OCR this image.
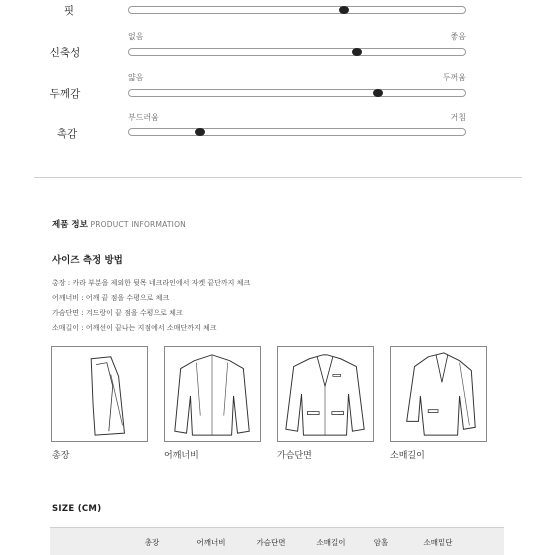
핏
없음	좋음
신축성
얇음	두꺼움
두께감
부드러움	거침
촉감
제품 정보 PRODUCT INFORMATION
사이즈 측정 방법
총장 : 카라 부분을 제외한 뒷목 네크라인에서 자켓 끝단까지 체크
어깨너비 : 어깨 끝 점을 수평으로 체크
가슴단면 : 겨드랑이 끝 점을 수평으로 체크
소매길이 : 어깨선이 끝나는 지점에서 소매단까지 체크
총장	어깨너비	가슴단면	소매길이
SIZE (CM)
총장	어깨너비	가슴단면	소매길이	암홀	소매밑단
